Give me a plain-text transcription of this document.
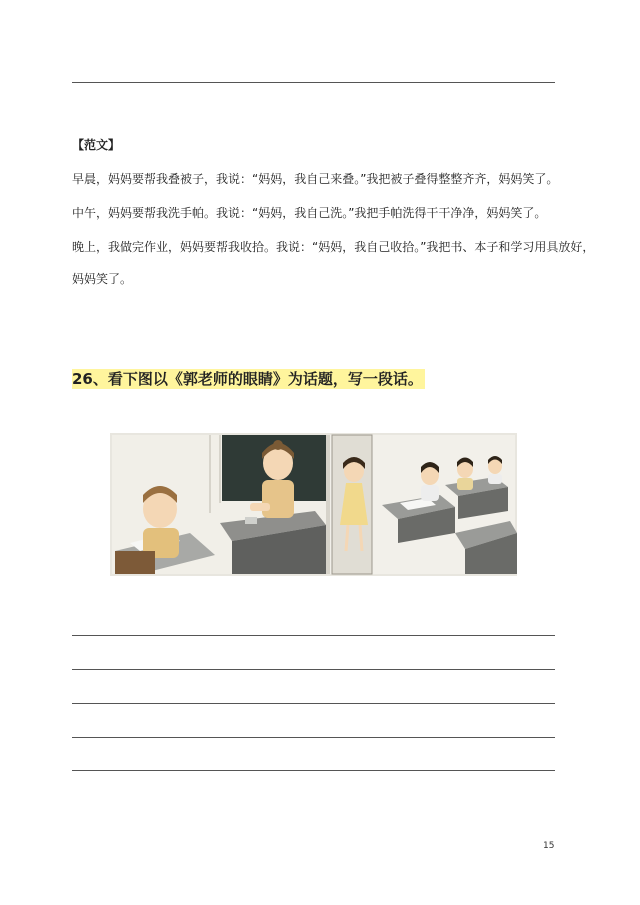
【范文】
早晨，妈妈要帮我叠被子，我说：“妈妈，我自己来叠。”我把被子叠得整整齐齐，妈妈笑了。
中午，妈妈要帮我洗手帕。我说：“妈妈，我自己洗。”我把手帕洗得干干净净，妈妈笑了。
晚上，我做完作业，妈妈要帮我收拾。我说：“妈妈，我自己收拾。”我把书、本子和学习用具放好，
妈妈笑了。
26、看下图以《郭老师的眼睛》为话题，写一段话。
15
